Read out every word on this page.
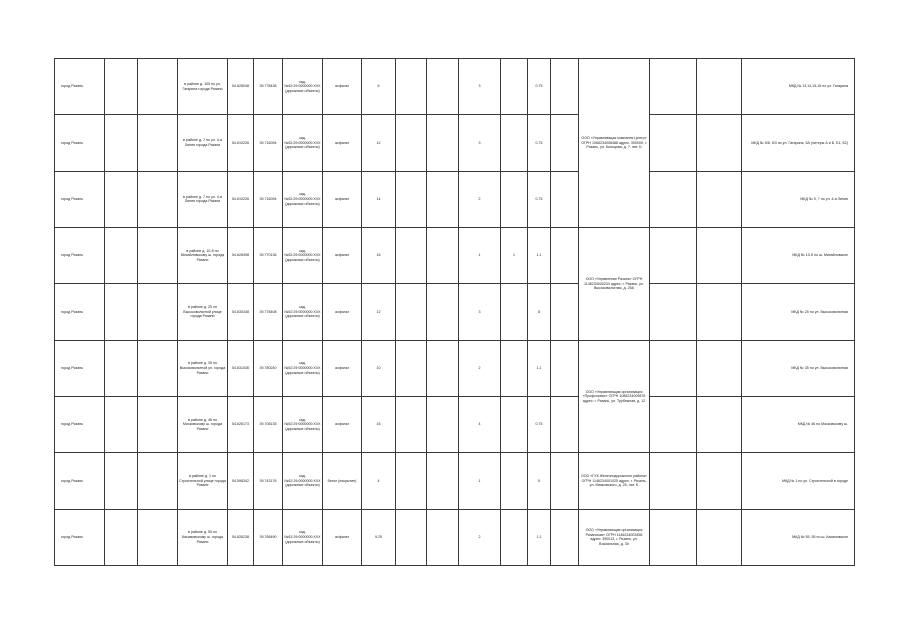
город Рязань			в районе д. 105 по ул. Гагарина города Рязани	54.628048	39.778438	кад.№62:29:0000000:ХХХ (дорожные объекты)	асфальт	6			3		0.75		ООО «Управляющая компания Центр» ОГРН 1066234008488 адрес: 390000, г. Рязань, ул. Кольцова, д. 7, лит. Б			МКД № 13,14,15,16 по ул. Гагарина
город Рязань			в районе д. 7 по ул. 4-я Линия города Рязани	54.610226	39.716094	кад.№62:29:0000000:ХХХ (дорожные объекты)	асфальт	12			3		0.75					МКД № 5/8, 5/3 по ул. Гагарина, 5А (литеры А и Б, Б1, Б2)
город Рязань			в районе д. 7 по ул. 4-я Линия города Рязани	54.610226	39.716094	кад.№62:29:0000000:ХХХ (дорожные объекты)	асфальт	14			2		0.75					МКД № 5, 7 по ул. 4-я Линия
город Рязань			в районе д. 10-б по Михайловскому ш. города Рязани	54.628498	39.770136	кад.№62:29:0000000:ХХХ (дорожные объекты)	асфальт	15			1	1	1.1		ООО «Управление Рязань» ОГРН 1146234000234 адрес: г. Рязань, ул. Высоковольтная, д. 25А			МКД № 10-б по ш. Михайловское
город Рязань			в районе д. 25 по Высоковольтной улице города Рязани	54.630348	39.778408	кад.№62:29:0000000:ХХХ (дорожные объекты)	асфальт	12			3		8					МКД № 25 по ул. Высоковольтная
город Рязань			в районе д. 35 по Высоковольтной ул. города Рязани	54.631036	39.780240	кад.№62:29:0000000:ХХХ (дорожные объекты)	асфальт	10			2		1.1		ООО «Управляющая организация «Профсервис» ОГРН 1086234009876 адрес: г. Рязань, ул. Трубежная, д. 12			МКД № 35 по ул. Высоковольтная
город Рязань			в районе д. 46 по Московскому ш. города Рязани	54.626173	39.708135	кад.№62:29:0000000:ХХХ (дорожные объекты)	асфальт	15			4		0.75					МКД № 46 по Московскому ш.
город Рязань			в районе д. 1 по Строительной улице города Рязани	54.598342	39.743176	кад.№62:29:0000000:ХХХ (дорожные объекты)	бетон (покрытие)	4			1		5		ООО «ГУК Железнодорожного района» ОГРН 1146234001025 адрес: г. Рязань, ул. Маяковского, д. 26, лит. Б			МКД № 1 по ул. Строительной в городе
город Рязань			в районе д. 55 по Касимовскому ш. города Рязани	54.626238	39.768490	кад.№62:29:0000000:ХХХ (дорожные объекты)	асфальт	9.25			2		1.1		ООО «Управляющая организация Рязанская» ОГРН 1146234003456 адрес: 390013, г. Рязань, ул. Вокзальная, д. 30			МКД № 55, 55 по ш. Касимовское
